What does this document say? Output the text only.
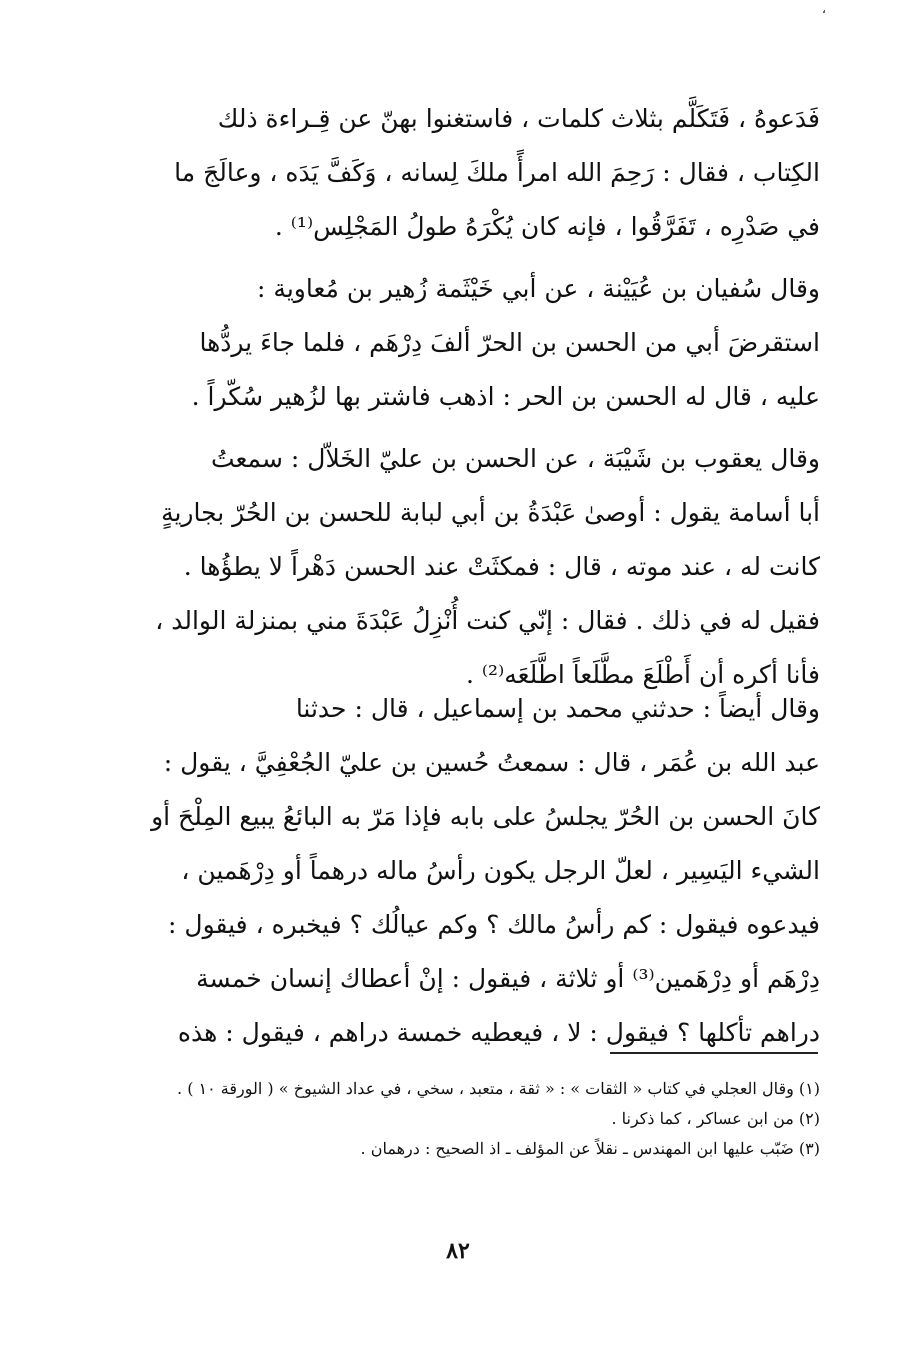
،
فَدَعوهُ ، فَتَكَلَّم بثلاث كلمات ، فاستغنوا بهنّ عن قِـراءة ذلك
الكِتاب ، فقال : رَحِمَ الله امرأً ملكَ لِسانه ، وَكَفَّ يَدَه ، وعالَجَ ما
في صَدْرِه ، تَفَرَّقُوا ، فإنه كان يُكْرَهُ طولُ المَجْلِس⁽¹⁾ .
وقال سُفيان بن عُيَيْنة ، عن أبي خَيْثَمة زُهير بن مُعاوية :
استقرضَ أبي من الحسن بن الحرّ ألفَ دِرْهَم ، فلما جاءَ يردُّها
عليه ، قال له الحسن بن الحر : اذهب فاشتر بها لزُهير سُكّراً .
وقال يعقوب بن شَيْبَة ، عن الحسن بن عليّ الخَلاّل : سمعتُ
أبا أسامة يقول : أوصىٰ عَبْدَةُ بن أبي لبابة للحسن بن الحُرّ بجاريةٍ
كانت له ، عند موته ، قال : فمكثَتْ عند الحسن دَهْراً لا يطؤُها .
فقيل له في ذلك . فقال : إنّي كنت أُنْزِلُ عَبْدَةَ مني بمنزلة الوالد ،
فأنا أكره أن أَطْلَعَ مطَّلَعاً اطَّلَعَه⁽²⁾ .
وقال أيضاً : حدثني محمد بن إسماعيل ، قال : حدثنا
عبد الله بن عُمَر ، قال : سمعتُ حُسين بن عليّ الجُعْفِيَّ ، يقول :
كانَ الحسن بن الحُرّ يجلسُ على بابه فإذا مَرّ به البائعُ يبيع المِلْحَ أو
الشيء اليَسِير ، لعلّ الرجل يكون رأسُ ماله درهماً أو دِرْهَمين ،
فيدعوه فيقول : كم رأسُ مالك ؟ وكم عيالُك ؟ فيخبره ، فيقول :
دِرْهَم أو دِرْهَمين⁽³⁾ أو ثلاثة ، فيقول : إنْ أعطاك إنسان خمسة
دراهم تأكلها ؟ فيقول : لا ، فيعطيه خمسة دراهم ، فيقول : هذه
(١) وقال العجلي في كتاب « الثقات » : « ثقة ، متعبد ، سخي ، في عداد الشيوخ » ( الورقة ١٠ ) .
(٢) من ابن عساكر ، كما ذكرنا .
(٣) ضَبّب عليها ابن المهندس ـ نقلاً عن المؤلف ـ اذ الصحيح : درهمان .
٨٢
